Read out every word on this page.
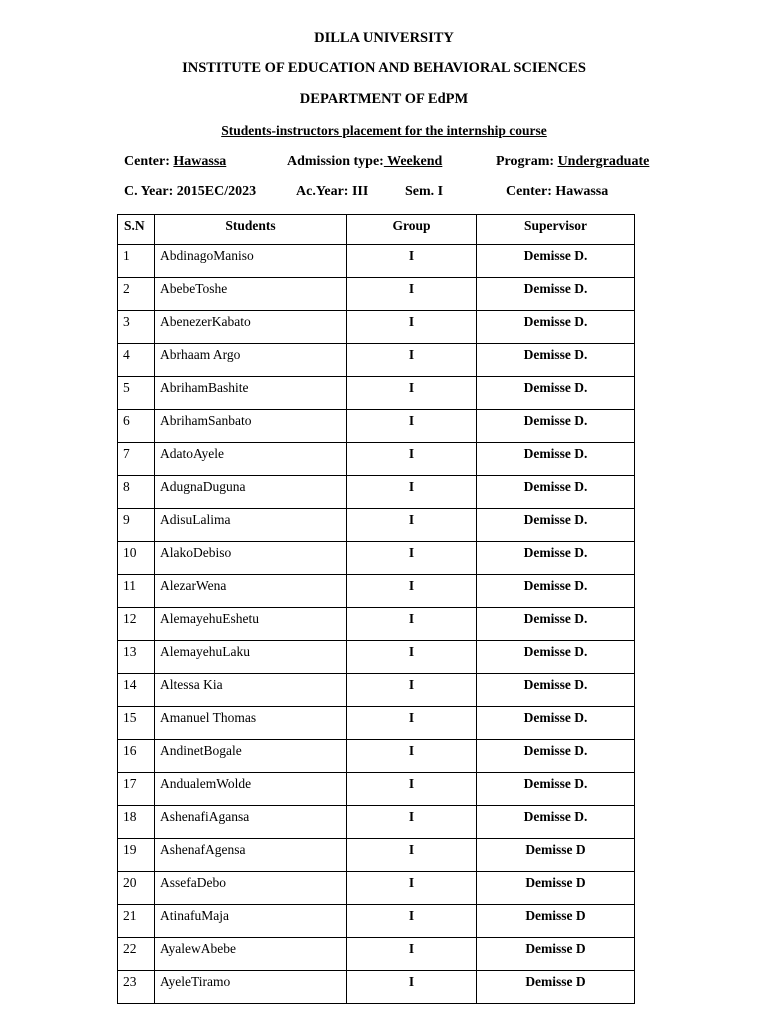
DILLA UNIVERSITY
INSTITUTE OF EDUCATION AND BEHAVIORAL SCIENCES
DEPARTMENT OF EdPM
Students-instructors placement for the internship course
Center: Hawassa	Admission type: Weekend	Program: Undergraduate
C. Year: 2015EC/2023	Ac.Year: III	Sem. I	Center: Hawassa
S.N	Students	Group	Supervisor
1	AbdinagoManiso	I	Demisse D.
2	AbebeToshe	I	Demisse D.
3	AbenezerKabato	I	Demisse D.
4	Abrhaam Argo	I	Demisse D.
5	AbrihamBashite	I	Demisse D.
6	AbrihamSanbato	I	Demisse D.
7	AdatoAyele	I	Demisse D.
8	AdugnaDuguna	I	Demisse D.
9	AdisuLalima	I	Demisse D.
10	AlakoDebiso	I	Demisse D.
11	AlezarWena	I	Demisse D.
12	AlemayehuEshetu	I	Demisse D.
13	AlemayehuLaku	I	Demisse D.
14	Altessa Kia	I	Demisse D.
15	Amanuel Thomas	I	Demisse D.
16	AndinetBogale	I	Demisse D.
17	AndualemWolde	I	Demisse D.
18	AshenafiAgansa	I	Demisse D.
19	AshenafAgensa	I	Demisse D
20	AssefaDebo	I	Demisse D
21	AtinafuMaja	I	Demisse D
22	AyalewAbebe	I	Demisse D
23	AyeleTiramo	I	Demisse D
